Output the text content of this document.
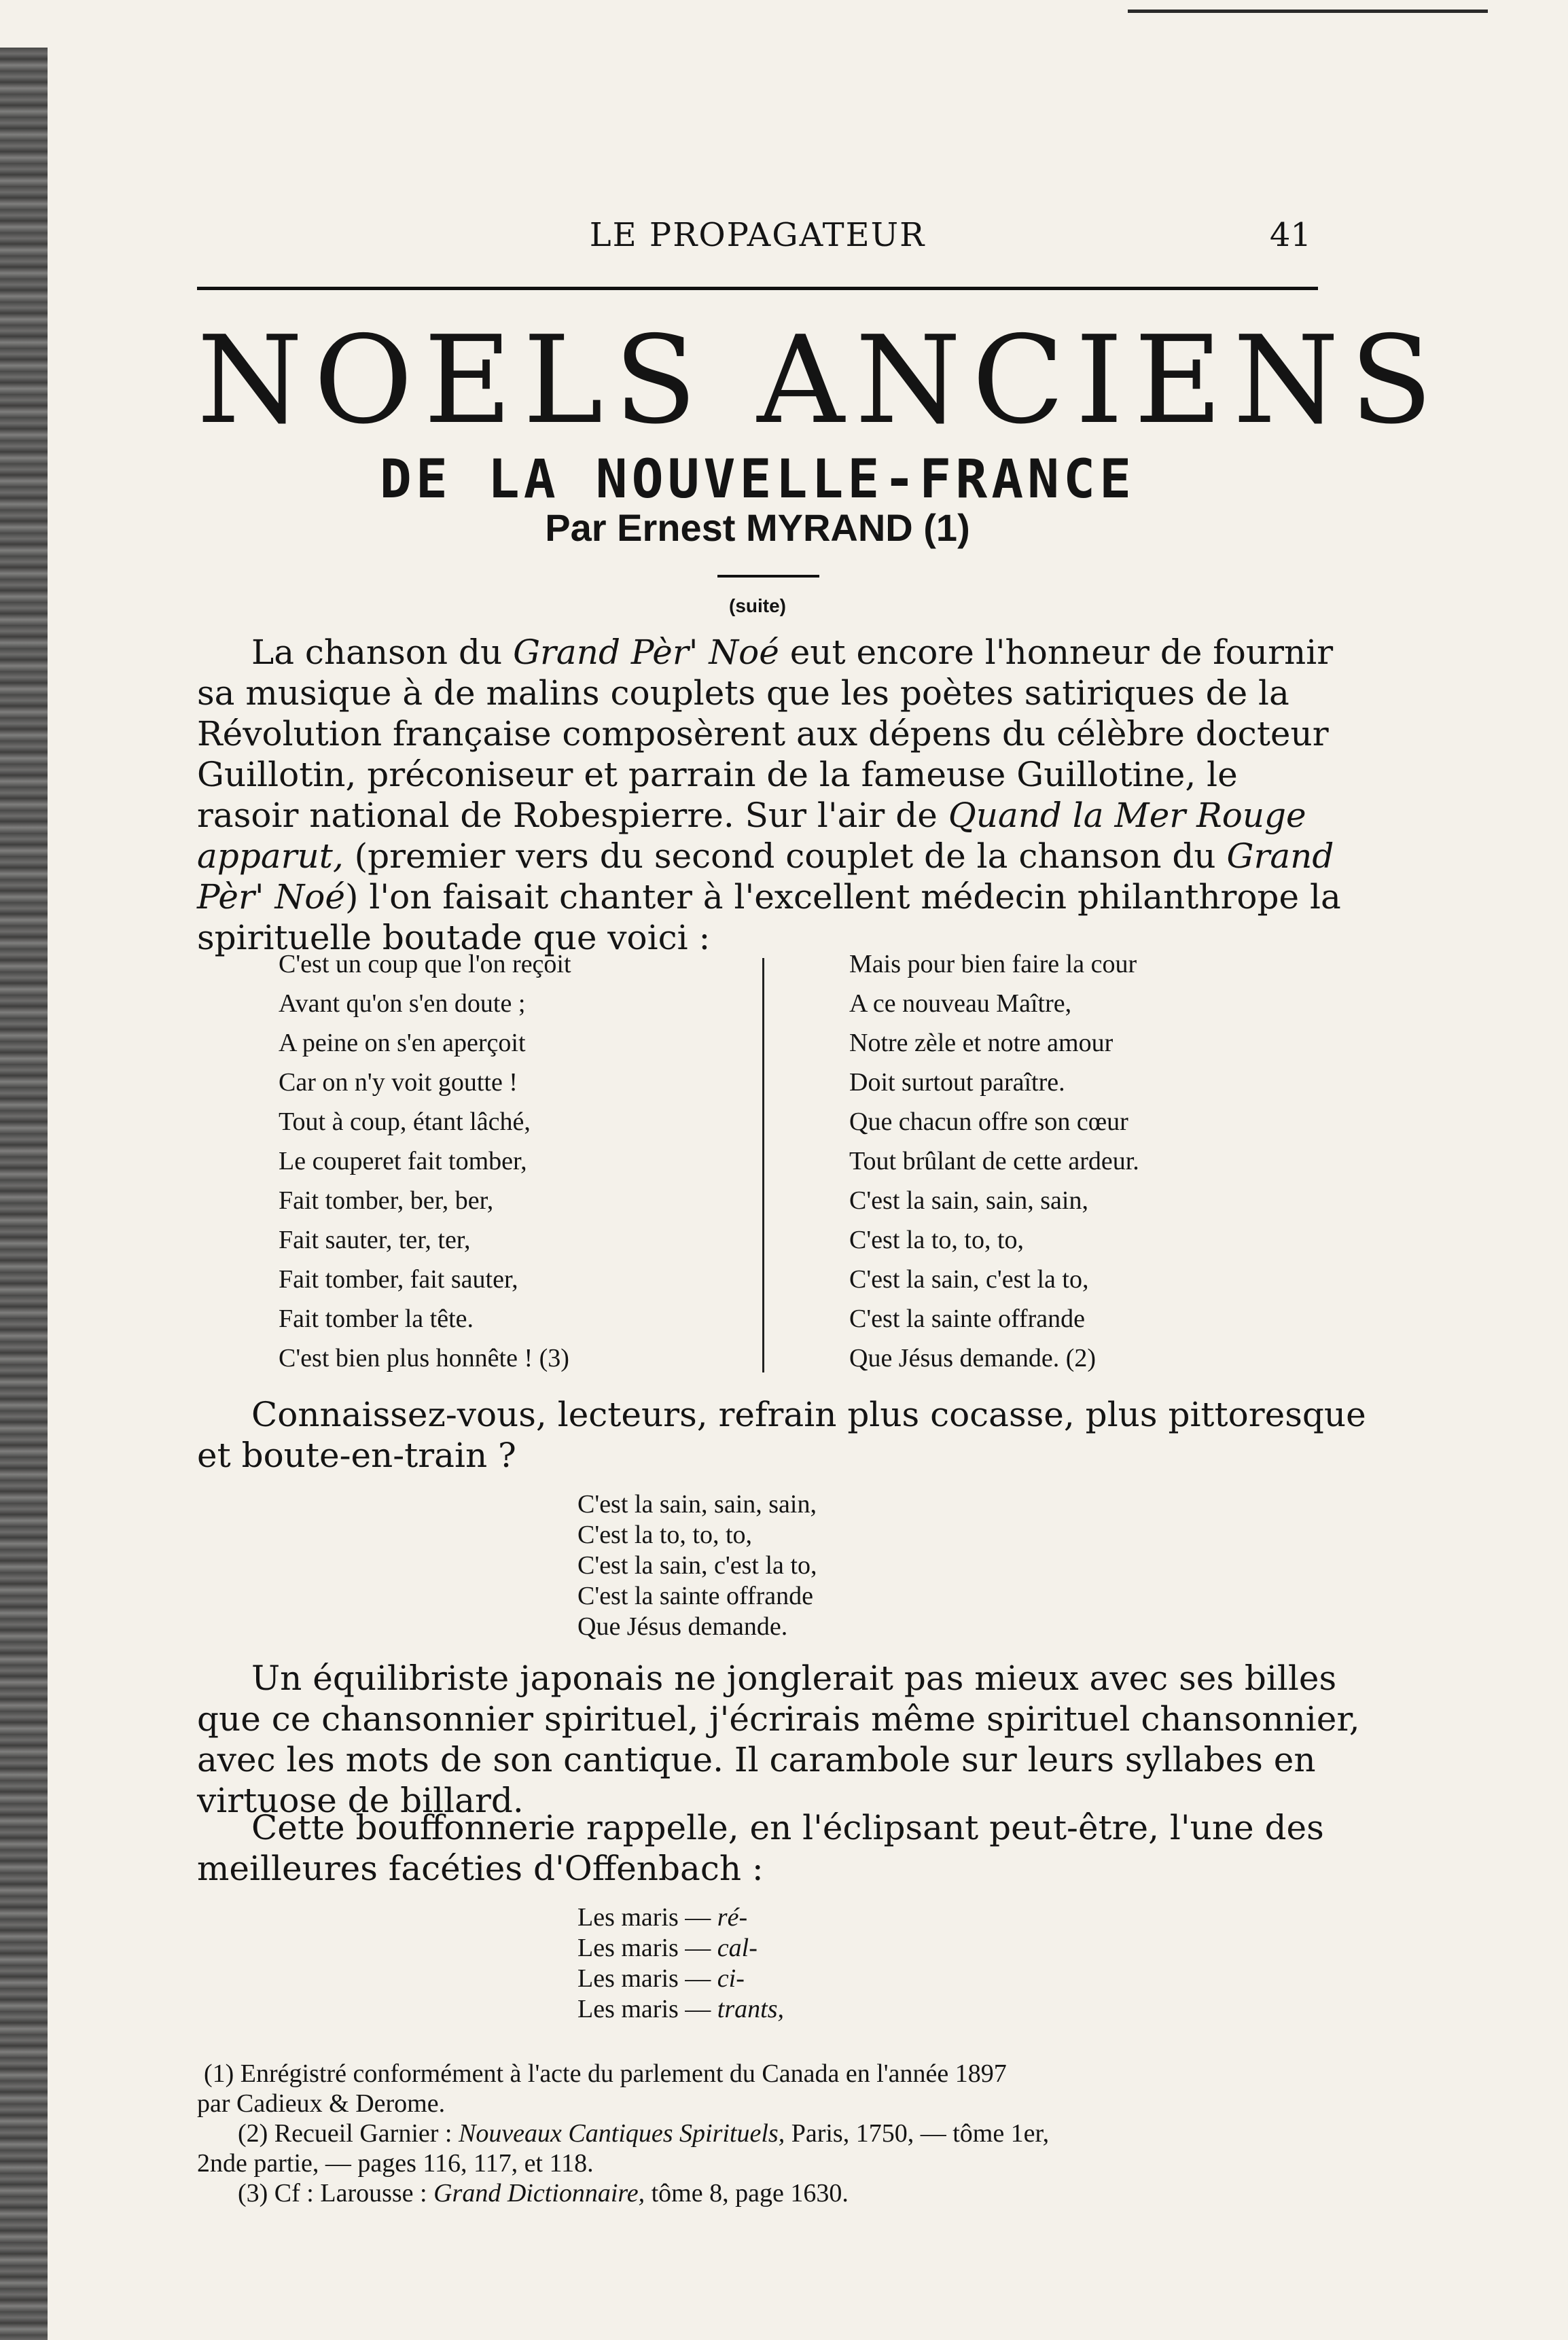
LE PROPAGATEUR	41
NOELS ANCIENS
DE LA NOUVELLE-FRANCE
Par Ernest MYRAND (1)
(suite)

La chanson du Grand Pèr' Noé eut encore l'honneur de fournir
sa musique à de malins couplets que les poètes satiriques de la
Révolution française composèrent aux dépens du célèbre docteur
Guillotin, préconiseur et parrain de la fameuse Guillotine, le
rasoir national de Robespierre. Sur l'air de Quand la Mer Rouge
apparut, (premier vers du second couplet de la chanson du Grand
Pèr' Noé) l'on faisait chanter à l'excellent médecin philanthrope la
spirituelle boutade que voici :

C'est un coup que l'on reçoit
Avant qu'on s'en doute ;
A peine on s'en aperçoit
Car on n'y voit goutte !
Tout à coup, étant lâché,
Le couperet fait tomber,
Fait tomber, ber, ber,
Fait sauter, ter, ter,
Fait tomber, fait sauter,
Fait tomber la tête.
C'est bien plus honnête ! (3)
Mais pour bien faire la cour
A ce nouveau Maître,
Notre zèle et notre amour
Doit surtout paraître.
Que chacun offre son cœur
Tout brûlant de cette ardeur.
C'est la sain, sain, sain,
C'est la to, to, to,
C'est la sain, c'est la to,
C'est la sainte offrande
Que Jésus demande. (2)

Connaissez-vous, lecteurs, refrain plus cocasse, plus pittoresque
et boute-en-train ?

C'est la sain, sain, sain,
C'est la to, to, to,
C'est la sain, c'est la to,
C'est la sainte offrande
Que Jésus demande.

Un équilibriste japonais ne jonglerait pas mieux avec ses billes
que ce chansonnier spirituel, j'écrirais même spirituel chansonnier,
avec les mots de son cantique. Il carambole sur leurs syllabes en
virtuose de billard.

Cette bouffonnerie rappelle, en l'éclipsant peut-être, l'une des
meilleures facéties d'Offenbach :

Les maris — ré-
Les maris — cal-
Les maris — ci-
Les maris — trants,
(1) Enrégistré conformément à l'acte du parlement du Canada en l'année 1897
par Cadieux & Derome.
(2) Recueil Garnier : Nouveaux Cantiques Spirituels, Paris, 1750, — tôme 1er,
2nde partie, — pages 116, 117, et 118.
(3) Cf : Larousse : Grand Dictionnaire, tôme 8, page 1630.
